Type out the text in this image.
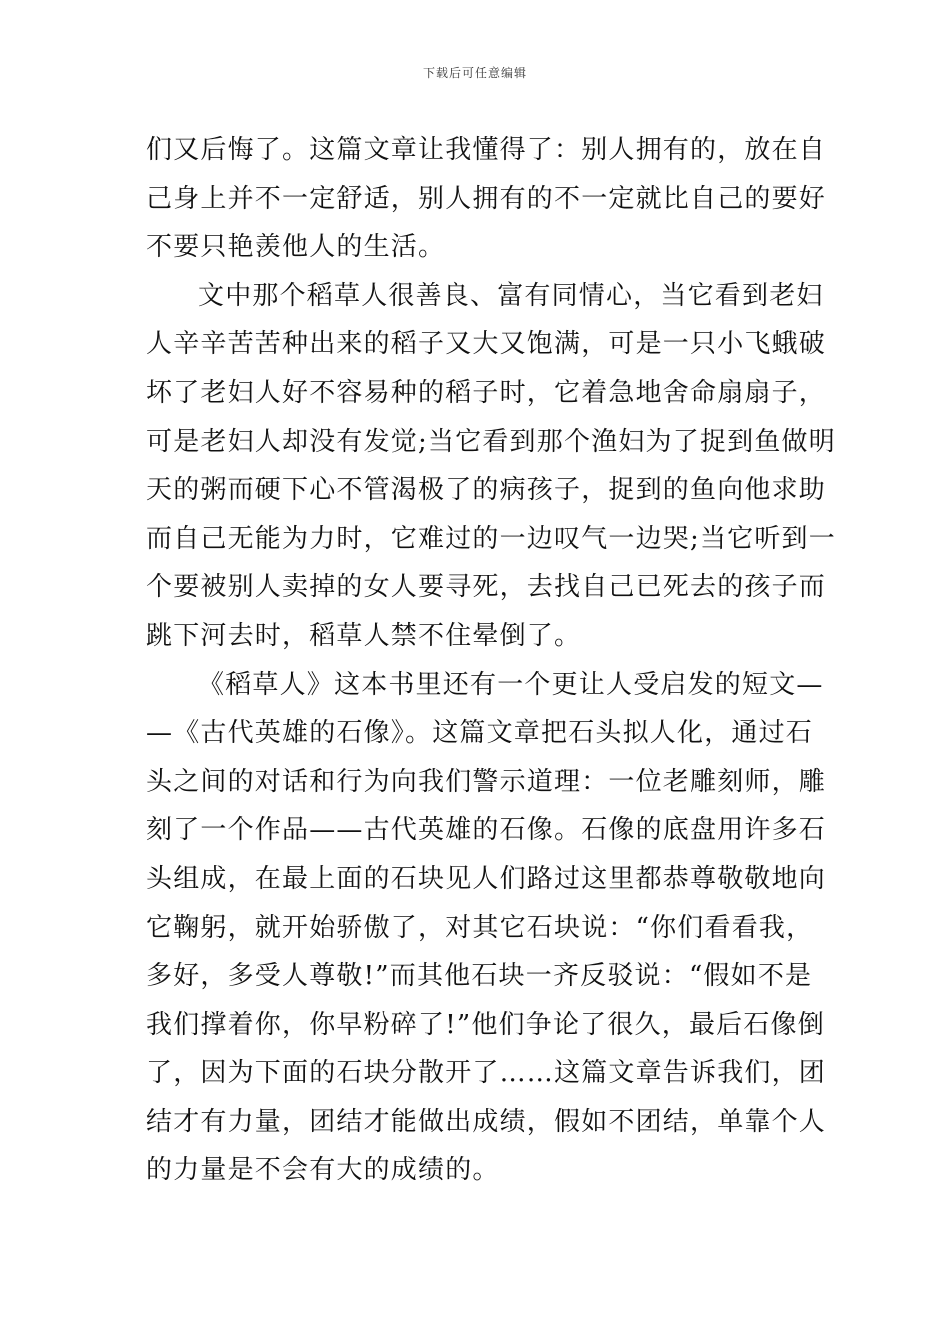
下载后可任意编辑
们又后悔了。这篇文章让我懂得了：别人拥有的，放在自
己身上并不一定舒适，别人拥有的不一定就比自己的要好
不要只艳羡他人的生活。
文中那个稻草人很善良、富有同情心，当它看到老妇
人辛辛苦苦种出来的稻子又大又饱满，可是一只小飞蛾破
坏了老妇人好不容易种的稻子时，它着急地舍命扇扇子，
可是老妇人却没有发觉;当它看到那个渔妇为了捉到鱼做明
天的粥而硬下心不管渴极了的病孩子，捉到的鱼向他求助
而自己无能为力时，它难过的一边叹气一边哭;当它听到一
个要被别人卖掉的女人要寻死，去找自己已死去的孩子而
跳下河去时，稻草人禁不住晕倒了。
《稻草人》这本书里还有一个更让人受启发的短文—
—《古代英雄的石像》。这篇文章把石头拟人化，通过石
头之间的对话和行为向我们警示道理：一位老雕刻师，雕
刻了一个作品——古代英雄的石像。石像的底盘用许多石
头组成，在最上面的石块见人们路过这里都恭尊敬敬地向
它鞠躬，就开始骄傲了，对其它石块说：“你们看看我，
多好，多受人尊敬!”而其他石块一齐反驳说：“假如不是
我们撑着你，你早粉碎了!”他们争论了很久，最后石像倒
了，因为下面的石块分散开了……这篇文章告诉我们，团
结才有力量，团结才能做出成绩，假如不团结，单靠个人
的力量是不会有大的成绩的。
